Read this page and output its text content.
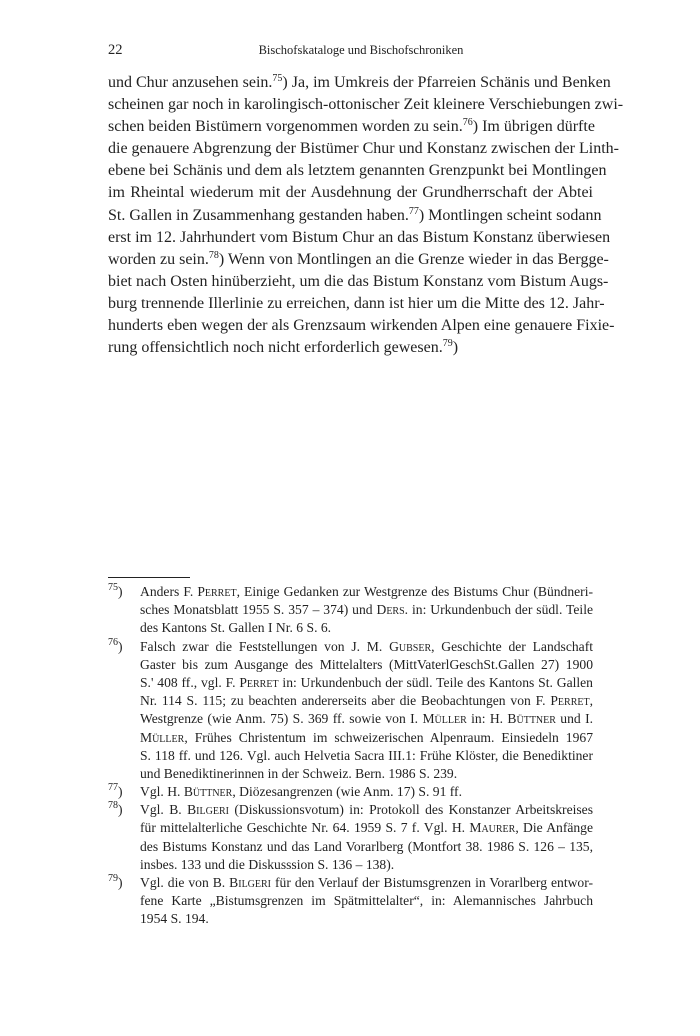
22	Bischofskataloge und Bischofschroniken
und Chur anzusehen sein.$^{75}$) Ja, im Umkreis der Pfarreien Schänis und Benken
scheinen gar noch in karolingisch-ottonischer Zeit kleinere Verschiebungen zwi-
schen beiden Bistümern vorgenommen worden zu sein.$^{76}$) Im übrigen dürfte
die genauere Abgrenzung der Bistümer Chur und Konstanz zwischen der Linth-
ebene bei Schänis und dem als letztem genannten Grenzpunkt bei Montlingen
im Rheintal wiederum mit der Ausdehnung der Grundherrschaft der Abtei
St. Gallen in Zusammenhang gestanden haben.$^{77}$) Montlingen scheint sodann
erst im 12. Jahrhundert vom Bistum Chur an das Bistum Konstanz überwiesen
worden zu sein.$^{78}$) Wenn von Montlingen an die Grenze wieder in das Bergge-
biet nach Osten hinüberzieht, um die das Bistum Konstanz vom Bistum Augs-
burg trennende Illerlinie zu erreichen, dann ist hier um die Mitte des 12. Jahr-
hunderts eben wegen der als Grenzsaum wirkenden Alpen eine genauere Fixie-
rung offensichtlich noch nicht erforderlich gewesen.$^{79}$)
$^{75}$) Anders F. Perret, Einige Gedanken zur Westgrenze des Bistums Chur (Bündneri-
sches Monatsblatt 1955 S. 357 – 374) und Ders. in: Urkundenbuch der südl. Teile
des Kantons St. Gallen I Nr. 6 S. 6.
$^{76}$) Falsch zwar die Feststellungen von J. M. Gubser, Geschichte der Landschaft
Gaster bis zum Ausgange des Mittelalters (MittVaterlGeschSt.Gallen 27) 1900
S.' 408 ff., vgl. F. Perret in: Urkundenbuch der südl. Teile des Kantons St. Gallen
Nr. 114 S. 115; zu beachten andererseits aber die Beobachtungen von F. Perret,
Westgrenze (wie Anm. 75) S. 369 ff. sowie von I. Müller in: H. Büttner und I.
Müller, Frühes Christentum im schweizerischen Alpenraum. Einsiedeln 1967
S. 118 ff. und 126. Vgl. auch Helvetia Sacra III.1: Frühe Klöster, die Benediktiner
und Benediktinerinnen in der Schweiz. Bern. 1986 S. 239.
$^{77}$) Vgl. H. Büttner, Diözesangrenzen (wie Anm. 17) S. 91 ff.
$^{78}$) Vgl. B. Bilgeri (Diskussionsvotum) in: Protokoll des Konstanzer Arbeitskreises
für mittelalterliche Geschichte Nr. 64. 1959 S. 7 f. Vgl. H. Maurer, Die Anfänge
des Bistums Konstanz und das Land Vorarlberg (Montfort 38. 1986 S. 126 – 135,
insbes. 133 und die Diskusssion S. 136 – 138).
$^{79}$) Vgl. die von B. Bilgeri für den Verlauf der Bistumsgrenzen in Vorarlberg entwor-
fene Karte „Bistumsgrenzen im Spätmittelalter“, in: Alemannisches Jahrbuch
1954 S. 194.
